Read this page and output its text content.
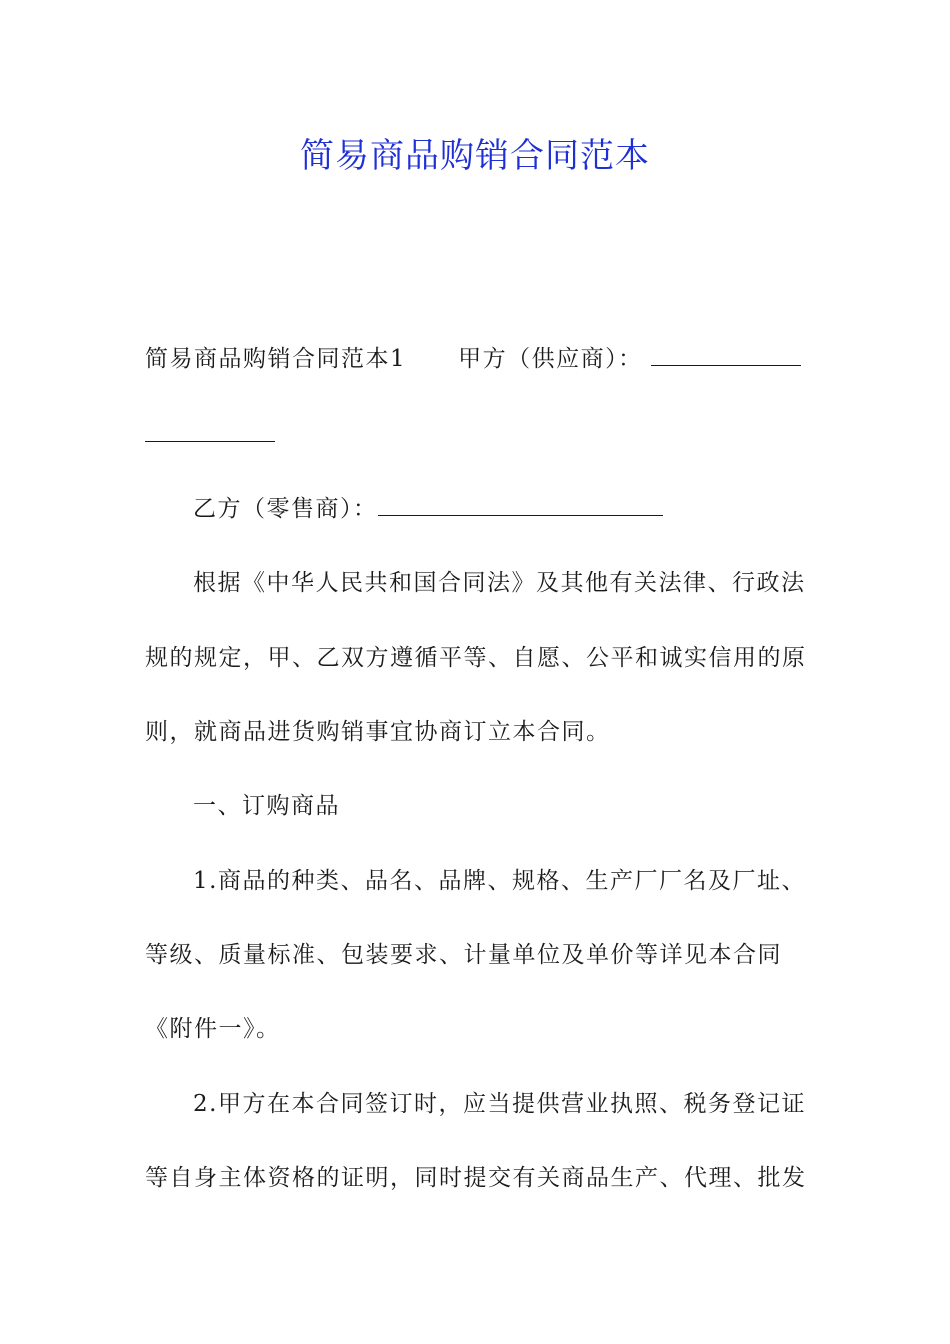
简易商品购销合同范本
简易商品购销合同范本1 甲方（供应商）：
乙方（零售商）：
根据《中华人民共和国合同法》及其他有关法律、行政法
规的规定，甲、乙双方遵循平等、自愿、公平和诚实信用的原
则，就商品进货购销事宜协商订立本合同。
一、订购商品
1.商品的种类、品名、品牌、规格、生产厂厂名及厂址、
等级、质量标准、包装要求、计量单位及单价等详见本合同
《附件一》。
2.甲方在本合同签订时，应当提供营业执照、税务登记证
等自身主体资格的证明，同时提交有关商品生产、代理、批发
